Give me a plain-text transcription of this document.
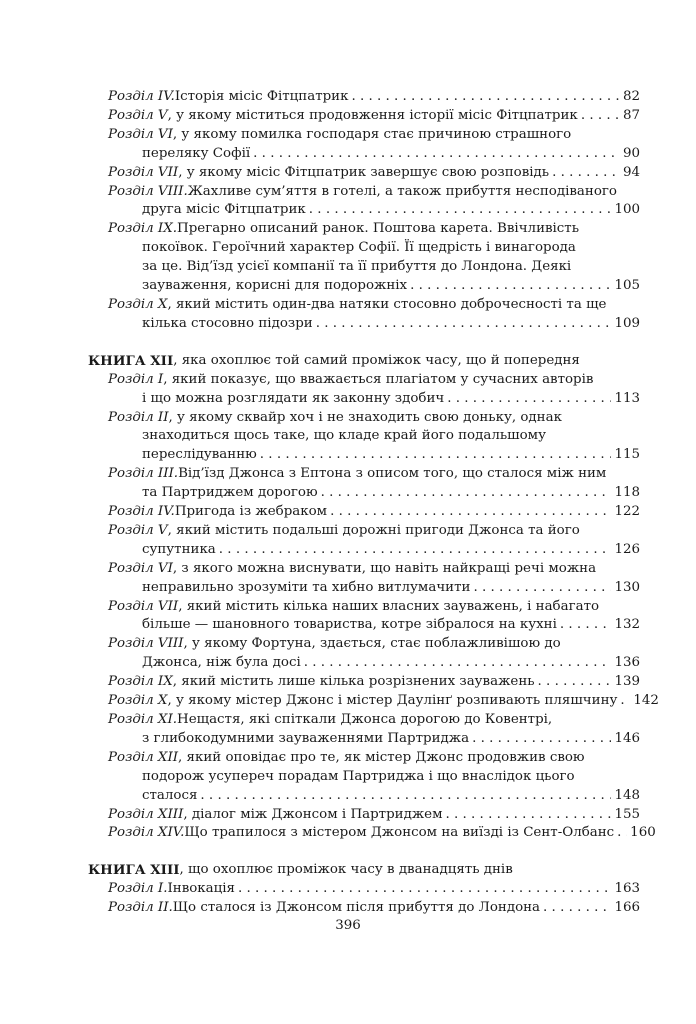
Розділ IV. Історія місіс Фітцпатрик . . .	82
Розділ V , у якому міститься продовження історії місіс Фітцпатрик . . .	87
Розділ VI , у якому помилка господаря стає причиною страшного
переляку Софії . . .	90
Розділ VII , у якому місіс Фітцпатрик завершує свою розповідь . . .	94
Розділ VIII. Жахливе сум’яття в готелі, а також прибуття несподіваного
друга місіс Фітцпатрик . . .	100
Розділ IX. Прегарно описаний ранок. Поштова карета. Ввічливість
покоївок. Героїчний характер Софії. Її щедрість і винагорода
за це. Від’їзд усієї компанії та її прибуття до Лондона. Деякі
зауваження, корисні для подорожніх . . .	105
Розділ X , який містить один-два натяки стосовно доброчесності та ще
кілька стосовно підозри . . .	109
КНИГА XII , яка охоплює той самий проміжок часу, що й попередня
Розділ I , який показує, що вважається плагіатом у сучасних авторів
і що можна розглядати як законну здобич . . .	113
Розділ II , у якому сквайр хоч і не знаходить свою доньку, однак
знаходиться щось таке, що кладе край його подальшому
переслідуванню . . .	115
Розділ III. Від’їзд Джонса з Ептона з описом того, що сталося між ним
та Партриджем дорогою . . .	118
Розділ IV. Пригода із жебраком . . .	122
Розділ V , який містить подальші дорожні пригоди Джонса та його
супутника . . .	126
Розділ VI , з якого можна виснувати, що навіть найкращі речі можна
неправильно зрозуміти та хибно витлумачити . . .	130
Розділ VII , який містить кілька наших власних зауважень, і набагато
більше — шановного товариства, котре зібралося на кухні . . .	132
Розділ VIII , у якому Фортуна, здається, стає поблажливішою до
Джонса, ніж була досі . . .	136
Розділ IX , який містить лише кілька розрізнених зауважень . . .	139
Розділ X , у якому містер Джонс і містер Даулінґ розпивають пляшчину . . . 142
Розділ XI. Нещастя, які спіткали Джонса дорогою до Ковентрі,
з глибокодумними зауваженнями Партриджа . . .	146
Розділ XII , який оповідає про те, як містер Джонс продовжив свою
подорож усупереч порадам Партриджа і що внаслідок цього
сталося . . .	148
Розділ XIII , діалог між Джонсом і Партриджем . . .	155
Розділ XIV. Що трапилося з містером Джонсом на виїзді із Сент-Олбанс . . . 160
КНИГА XIII , що охоплює проміжок часу в дванадцять днів
Розділ I. Інвокація . . .	163
Розділ II. Що сталося із Джонсом після прибуття до Лондона . . .	166
396
